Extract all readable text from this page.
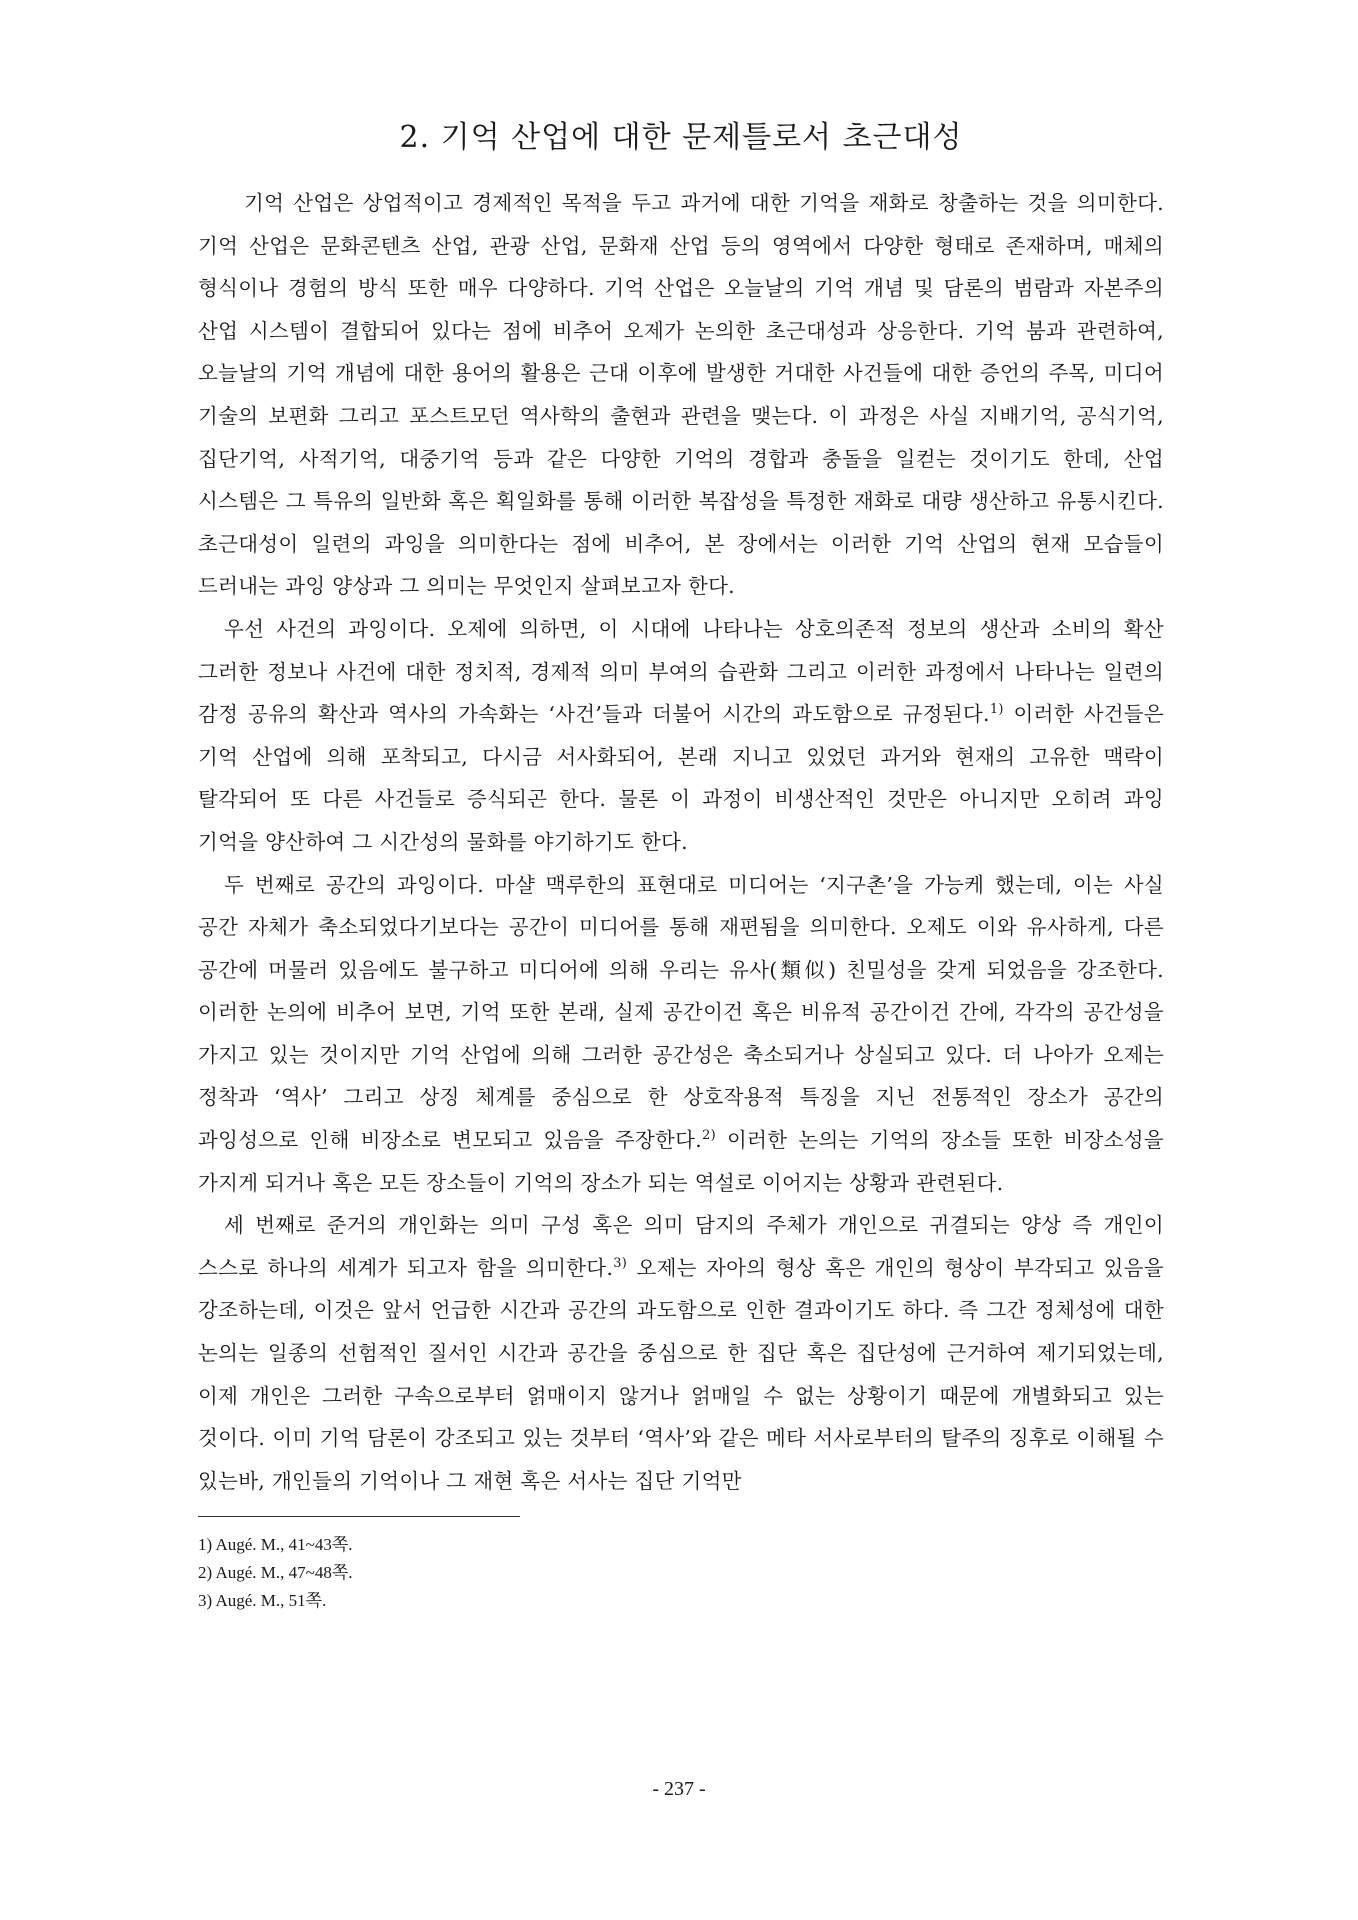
2. 기억 산업에 대한 문제틀로서 초근대성

기억 산업은 상업적이고 경제적인 목적을 두고 과거에 대한 기억을 재화로 창출하는 것을 의미한다. 기억 산업은 문화콘텐츠 산업, 관광 산업, 문화재 산업 등의 영역에서 다양한 형태로 존재하며, 매체의 형식이나 경험의 방식 또한 매우 다양하다. 기억 산업은 오늘날의 기억 개념 및 담론의 범람과 자본주의 산업 시스템이 결합되어 있다는 점에 비추어 오제가 논의한 초근대성과 상응한다. 기억 붐과 관련하여, 오늘날의 기억 개념에 대한 용어의 활용은 근대 이후에 발생한 거대한 사건들에 대한 증언의 주목, 미디어 기술의 보편화 그리고 포스트모던 역사학의 출현과 관련을 맺는다. 이 과정은 사실 지배기억, 공식기억, 집단기억, 사적기억, 대중기억 등과 같은 다양한 기억의 경합과 충돌을 일컫는 것이기도 한데, 산업 시스템은 그 특유의 일반화 혹은 획일화를 통해 이러한 복잡성을 특정한 재화로 대량 생산하고 유통시킨다. 초근대성이 일련의 과잉을 의미한다는 점에 비추어, 본 장에서는 이러한 기억 산업의 현재 모습들이 드러내는 과잉 양상과 그 의미는 무엇인지 살펴보고자 한다.

우선 사건의 과잉이다. 오제에 의하면, 이 시대에 나타나는 상호의존적 정보의 생산과 소비의 확산 그러한 정보나 사건에 대한 정치적, 경제적 의미 부여의 습관화 그리고 이러한 과정에서 나타나는 일련의 감정 공유의 확산과 역사의 가속화는 ‘사건’들과 더불어 시간의 과도함으로 규정된다.$^{1)}$ 이러한 사건들은 기억 산업에 의해 포착되고, 다시금 서사화되어, 본래 지니고 있었던 과거와 현재의 고유한 맥락이 탈각되어 또 다른 사건들로 증식되곤 한다. 물론 이 과정이 비생산적인 것만은 아니지만 오히려 과잉 기억을 양산하여 그 시간성의 물화를 야기하기도 한다.

두 번째로 공간의 과잉이다. 마샬 맥루한의 표현대로 미디어는 ‘지구촌’을 가능케 했는데, 이는 사실 공간 자체가 축소되었다기보다는 공간이 미디어를 통해 재편됨을 의미한다. 오제도 이와 유사하게, 다른 공간에 머물러 있음에도 불구하고 미디어에 의해 우리는 유사(類似) 친밀성을 갖게 되었음을 강조한다. 이러한 논의에 비추어 보면, 기억 또한 본래, 실제 공간이건 혹은 비유적 공간이건 간에, 각각의 공간성을 가지고 있는 것이지만 기억 산업에 의해 그러한 공간성은 축소되거나 상실되고 있다. 더 나아가 오제는 정착과 ‘역사’ 그리고 상징 체계를 중심으로 한 상호작용적 특징을 지닌 전통적인 장소가 공간의 과잉성으로 인해 비장소로 변모되고 있음을 주장한다.$^{2)}$ 이러한 논의는 기억의 장소들 또한 비장소성을 가지게 되거나 혹은 모든 장소들이 기억의 장소가 되는 역설로 이어지는 상황과 관련된다.

세 번째로 준거의 개인화는 의미 구성 혹은 의미 담지의 주체가 개인으로 귀결되는 양상 즉 개인이 스스로 하나의 세계가 되고자 함을 의미한다.$^{3)}$ 오제는 자아의 형상 혹은 개인의 형상이 부각되고 있음을 강조하는데, 이것은 앞서 언급한 시간과 공간의 과도함으로 인한 결과이기도 하다. 즉 그간 정체성에 대한 논의는 일종의 선험적인 질서인 시간과 공간을 중심으로 한 집단 혹은 집단성에 근거하여 제기되었는데, 이제 개인은 그러한 구속으로부터 얽매이지 않거나 얽매일 수 없는 상황이기 때문에 개별화되고 있는 것이다. 이미 기억 담론이 강조되고 있는 것부터 ‘역사’와 같은 메타 서사로부터의 탈주의 징후로 이해될 수 있는바, 개인들의 기억이나 그 재현 혹은 서사는 집단 기억만

1) Augé. M., 41~43쪽.

2) Augé. M., 47~48쪽.

3) Augé. M., 51쪽.

- 237 -
